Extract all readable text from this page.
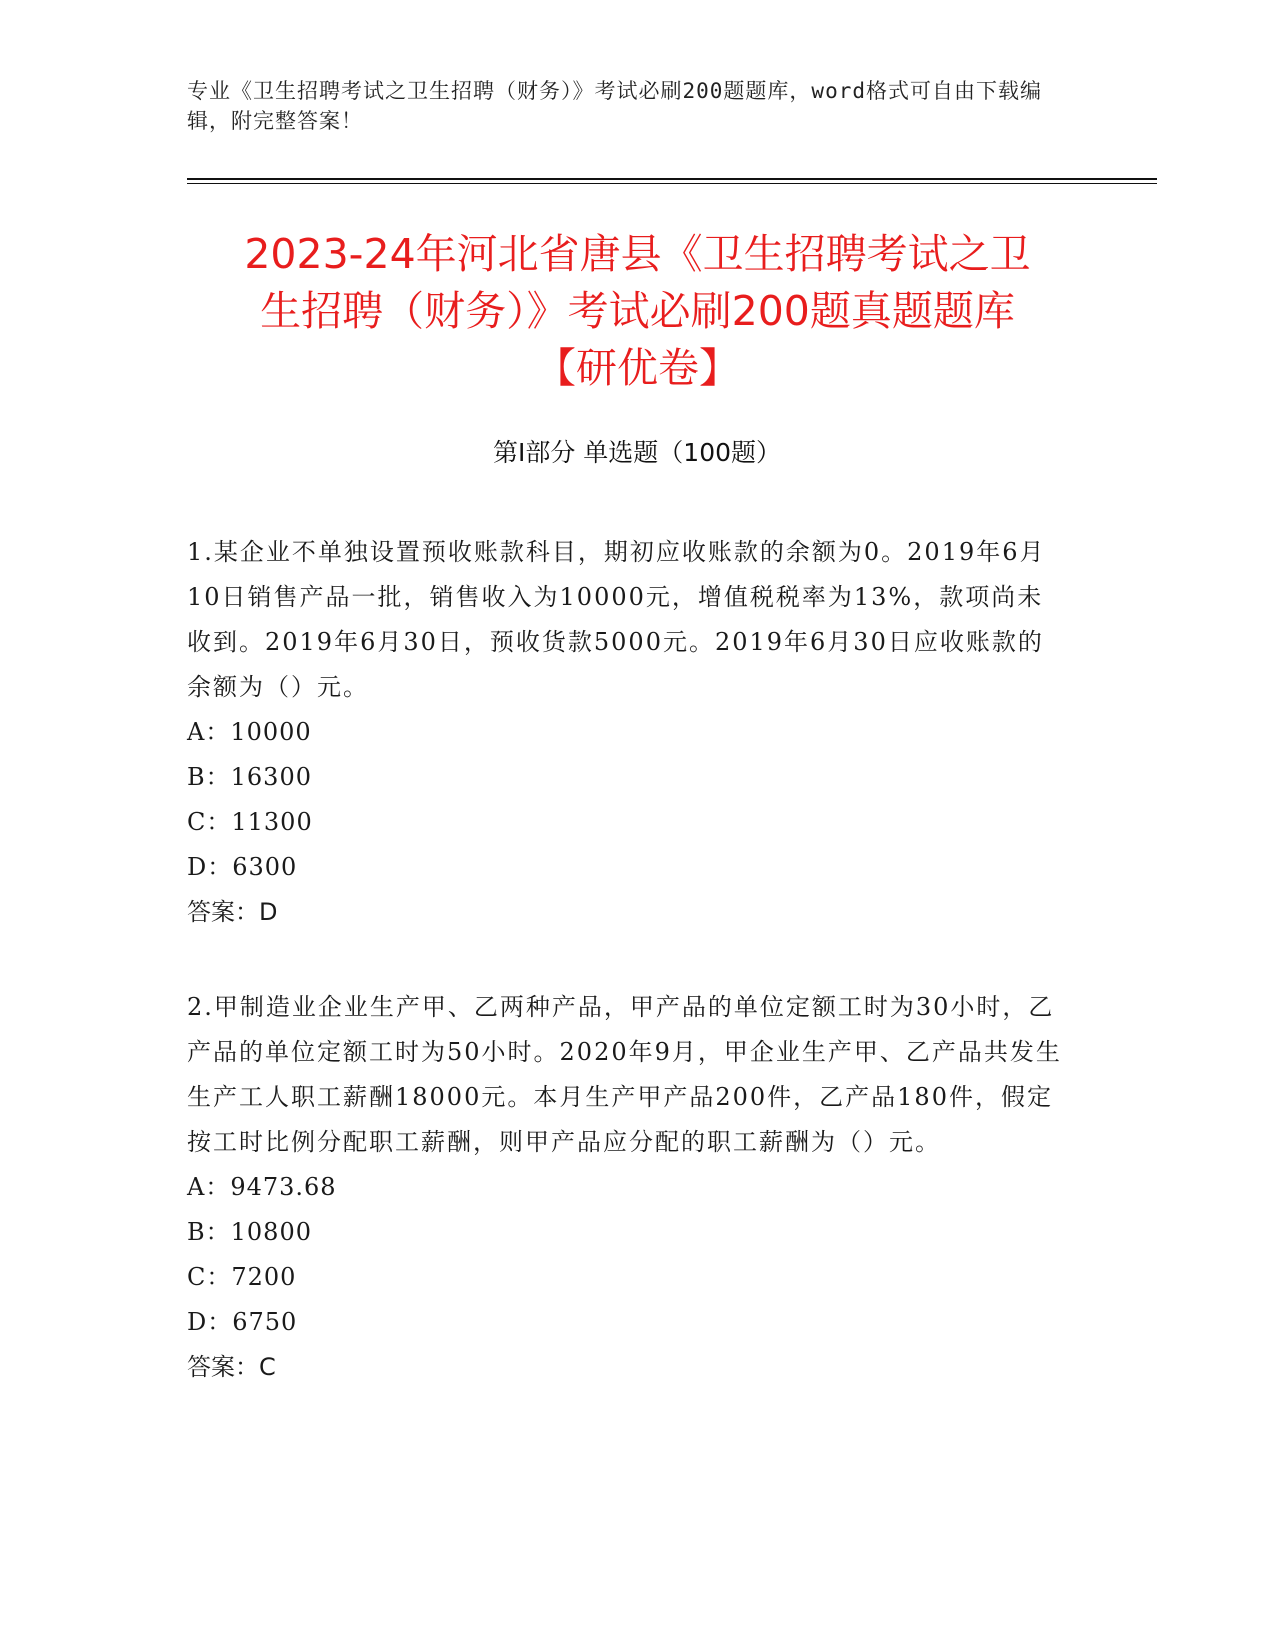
专业《卫生招聘考试之卫生招聘（财务）》考试必刷200题题库，word格式可自由下载编辑，附完整答案！
2023-24年河北省唐县《卫生招聘考试之卫
生招聘（财务）》考试必刷200题真题题库
【研优卷】
第I部分 单选题（100题）

1.某企业不单独设置预收账款科目，期初应收账款的余额为0。2019年6月10日销售产品一批，销售收入为10000元，增值税税率为13%，款项尚未收到。2019年6月30日，预收货款5000元。2019年6月30日应收账款的余额为（）元。

A：10000

B：16300

C：11300

D：6300

答案：D

2.甲制造业企业生产甲、乙两种产品，甲产品的单位定额工时为30小时，乙产品的单位定额工时为50小时。2020年9月，甲企业生产甲、乙产品共发生生产工人职工薪酬18000元。本月生产甲产品200件，乙产品180件，假定按工时比例分配职工薪酬，则甲产品应分配的职工薪酬为（）元。

A：9473.68

B：10800

C：7200

D：6750

答案：C
